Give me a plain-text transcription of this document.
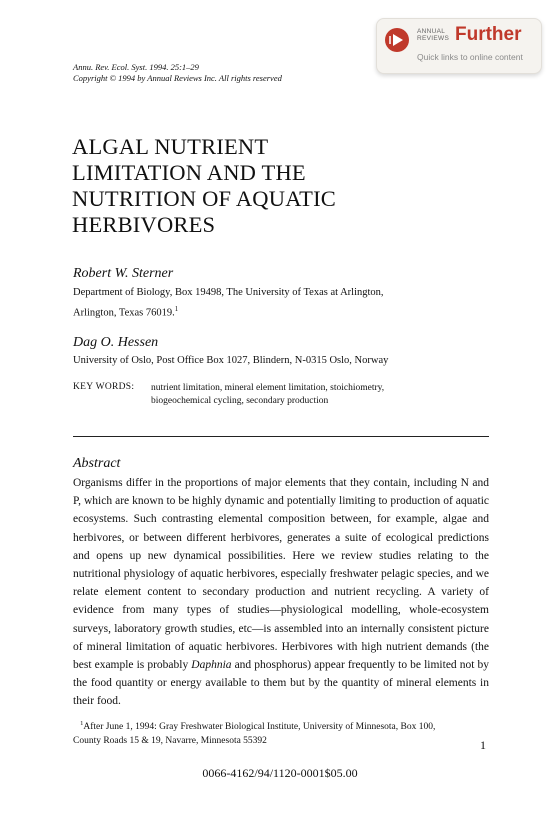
ANNUAL
REVIEWS Further
Quick links to online content
Annu. Rev. Ecol. Syst. 1994. 25:1–29
Copyright © 1994 by Annual Reviews Inc. All rights reserved
ALGAL NUTRIENT
LIMITATION AND THE
NUTRITION OF AQUATIC
HERBIVORES
Robert W. Sterner
Department of Biology, Box 19498, The University of Texas at Arlington,
Arlington, Texas 76019.$^1$
Dag O. Hessen
University of Oslo, Post Office Box 1027, Blindern, N-0315 Oslo, Norway
KEY WORDS: nutrient limitation, mineral element limitation, stoichiometry,
biogeochemical cycling, secondary production
Abstract

Organisms differ in the proportions of major elements that they contain, including N and P, which are known to be highly dynamic and potentially limiting to production of aquatic ecosystems. Such contrasting elemental composition between, for example, algae and herbivores, or between different herbivores, generates a suite of ecological predictions and opens up new dynamical possibilities. Here we review studies relating to the nutritional physiology of aquatic herbivores, especially freshwater pelagic species, and we relate element content to secondary production and nutrient recycling. A variety of evidence from many types of studies—physiological modelling, whole-ecosystem surveys, laboratory growth studies, etc—is assembled into an internally consistent picture of mineral limitation of aquatic herbivores. Herbivores with high nutrient demands (the best example is probably Daphnia and phosphorus) appear frequently to be limited not by the food quantity or energy available to them but by the quantity of mineral elements in their food.

$^1$After June 1, 1994: Gray Freshwater Biological Institute, University of Minnesota, Box 100,
County Roads 15 & 19, Navarre, Minnesota 55392	1
0066-4162/94/1120-0001$05.00
